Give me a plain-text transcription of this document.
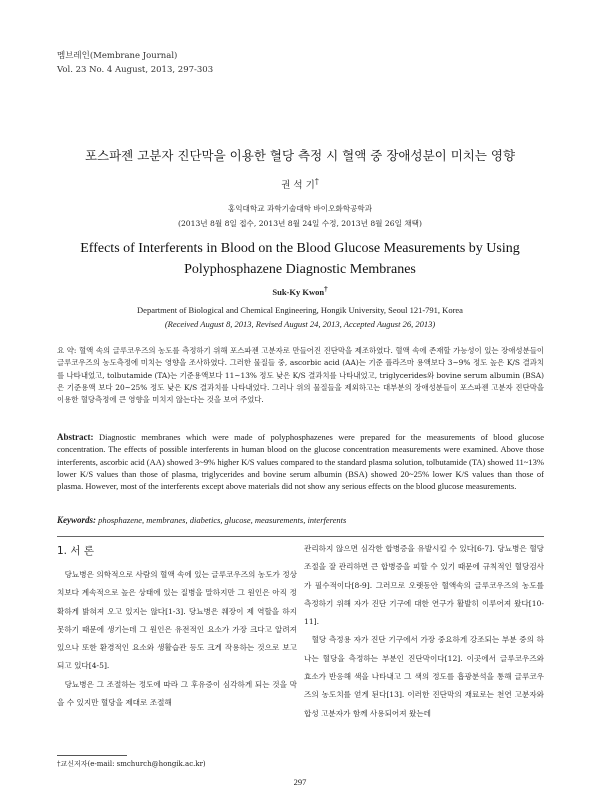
멤브레인(Membrane Journal)
Vol. 23 No. 4 August, 2013, 297-303
포스파젠 고분자 진단막을 이용한 혈당 측정 시 혈액 중 장애성분이 미치는 영향
권 석 기†
홍익대학교 과학기술대학 바이오화학공학과
(2013년 8월 8일 접수, 2013년 8월 24일 수정, 2013년 8월 26일 채택)
Effects of Interferents in Blood on the Blood Glucose Measurements by Using
Polyphosphazene Diagnostic Membranes
Suk-Ky Kwon†
Department of Biological and Chemical Engineering, Hongik University, Seoul 121-791, Korea
(Received August 8, 2013, Revised August 24, 2013, Accepted August 26, 2013)
요 약: 혈액 속의 글루코우즈의 농도를 측정하기 위해 포스파젠 고분자로 만들어진 진단막을 제조하였다. 혈액 속에 존재할 가능성이 있는 장애성분들이 글루코우즈의 농도측정에 미치는 영향을 조사하였다. 그러한 물질들 중, ascorbic acid (AA)는 기준 플라즈마 용액보다 3~9% 정도 높은 K/S 결과치를 나타내었고, tolbutamide (TA)는 기준용액보다 11~13% 정도 낮은 K/S 결과치를 나타내었고, triglycerides와 bovine serum albumin (BSA)은 기준용액 보다 20~25% 정도 낮은 K/S 결과치를 나타내었다. 그러나 위의 물질들을 제외하고는 대부분의 장애성분들이 포스파젠 고분자 진단막을 이용한 혈당측정에 큰 영향을 미치지 않는다는 것을 보여 주었다.
Abstract: Diagnostic membranes which were made of polyphosphazenes were prepared for the measurements of blood glucose concentration. The effects of possible interferents in human blood on the glucose concentration measurements were examined. Above those interferents, ascorbic acid (AA) showed 3~9% higher K/S values compared to the standard plasma solution, tolbutamide (TA) showed 11~13% lower K/S values than those of plasma, triglycerides and bovine serum albumin (BSA) showed 20~25% lower K/S values than those of plasma. However, most of the interferents except above materials did not show any serious effects on the blood glucose measurements.
Keywords: phosphazene, membranes, diabetics, glucose, measurements, interferents
1. 서 론

당뇨병은 의학적으로 사람의 혈액 속에 있는 글루코우즈의 농도가 정상치보다 계속적으로 높은 상태에 있는 질병을 말하지만 그 원인은 아직 정확하게 밝혀져 오고 있지는 않다[1-3]. 당뇨병은 췌장이 제 역할을 하지 못하기 때문에 생기는데 그 원인은 유전적인 요소가 가장 크다고 알려져 있으나 또한 환경적인 요소와 생활습관 등도 크게 작용하는 것으로 보고되고 있다[4-5].

당뇨병은 그 조절하는 정도에 따라 그 후유증이 심각하게 되는 것을 막을 수 있지만 혈당을 제대로 조절해

관리하지 않으면 심각한 합병증을 유발시킬 수 있다[6-7]. 당뇨병은 혈당 조절을 잘 관리하면 큰 합병증을 피할 수 있기 때문에 규칙적인 혈당검사가 필수적이다[8-9]. 그러므로 오랫동안 혈액속의 글루코우즈의 농도를 측정하기 위해 자가 진단 기구에 대한 연구가 활발히 이루어져 왔다[10-11].

혈당 측정용 자가 진단 기구에서 가장 중요하게 강조되는 부분 중의 하나는 혈당을 측정하는 부분인 진단막이다[12]. 이곳에서 글루코우즈와 효소가 반응해 색을 나타내고 그 색의 정도를 흡광분석을 통해 글루코우즈의 농도치를 얻게 된다[13]. 이러한 진단막의 재료로는 천연 고분자와 합성 고분자가 함께 사용되어져 왔는데

†교신저자(e-mail: smchurch@hongik.ac.kr)
297
